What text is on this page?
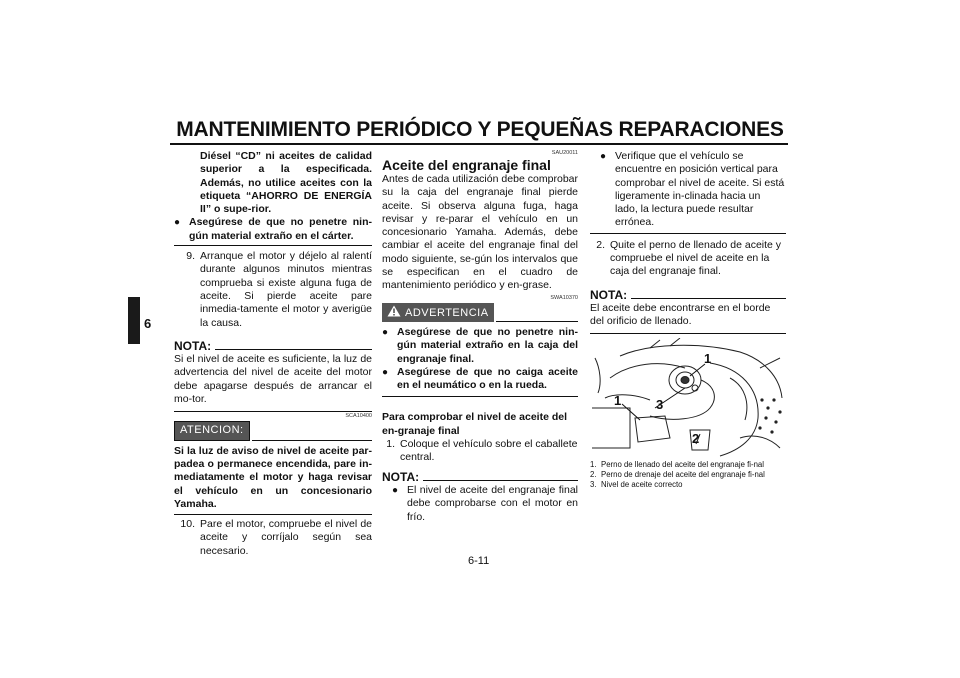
MANTENIMIENTO PERIÓDICO Y PEQUEÑAS REPARACIONES
6

Diésel “CD” ni aceites de calidad superior a la especificada. Además, no utilice aceites con la etiqueta “AHORRO DE ENERGÍA II” o supe-rior.

● Asegúrese de que no penetre nin-gún material extraño en el cárter.
9. Arranque el motor y déjelo al ralentí durante algunos minutos mientras comprueba si existe alguna fuga de aceite. Si pierde aceite pare inmedia-tamente el motor y averigüe la causa.
NOTA:

Si el nivel de aceite es suficiente, la luz de advertencia del nivel de aceite del motor debe apagarse después de arrancar el mo-tor.

SCA10400
ATENCION:

Si la luz de aviso de nivel de aceite par-padea o permanece encendida, pare in-mediatamente el motor y haga revisar el vehículo en un concesionario Yamaha.

10. Pare el motor, compruebe el nivel de aceite y corríjalo según sea necesario.
SAU20011
Aceite del engranaje final

Antes de cada utilización debe comprobar su la caja del engranaje final pierde aceite. Si observa alguna fuga, haga revisar y re-parar el vehículo en un concesionario Yamaha. Además, debe cambiar el aceite del engranaje final del modo siguiente, se-gún los intervalos que se especifican en el cuadro de mantenimiento periódico y en-grase.

SWA10370
ADVERTENCIA
● Asegúrese de que no penetre nin-gún material extraño en la caja del engranaje final.
● Asegúrese de que no caiga aceite en el neumático o en la rueda.

Para comprobar el nivel de aceite del en-granaje final

1. Coloque el vehículo sobre el caballete central.
NOTA:
● El nivel de aceite del engranaje final debe comprobarse con el motor en frío.
● Verifique que el vehículo se encuentre en posición vertical para comprobar el nivel de aceite. Si está ligeramente in-clinada hacia un lado, la lectura puede resultar errónea.
2. Quite el perno de llenado de aceite y compruebe el nivel de aceite en la caja del engranaje final.
NOTA:

El aceite debe encontrarse en el borde del orificio de llenado.

1
1	3
2
1. Perno de llenado del aceite del engranaje fi-nal
2. Perno de drenaje del aceite del engranaje fi-nal
3. Nivel de aceite correcto
6-11
